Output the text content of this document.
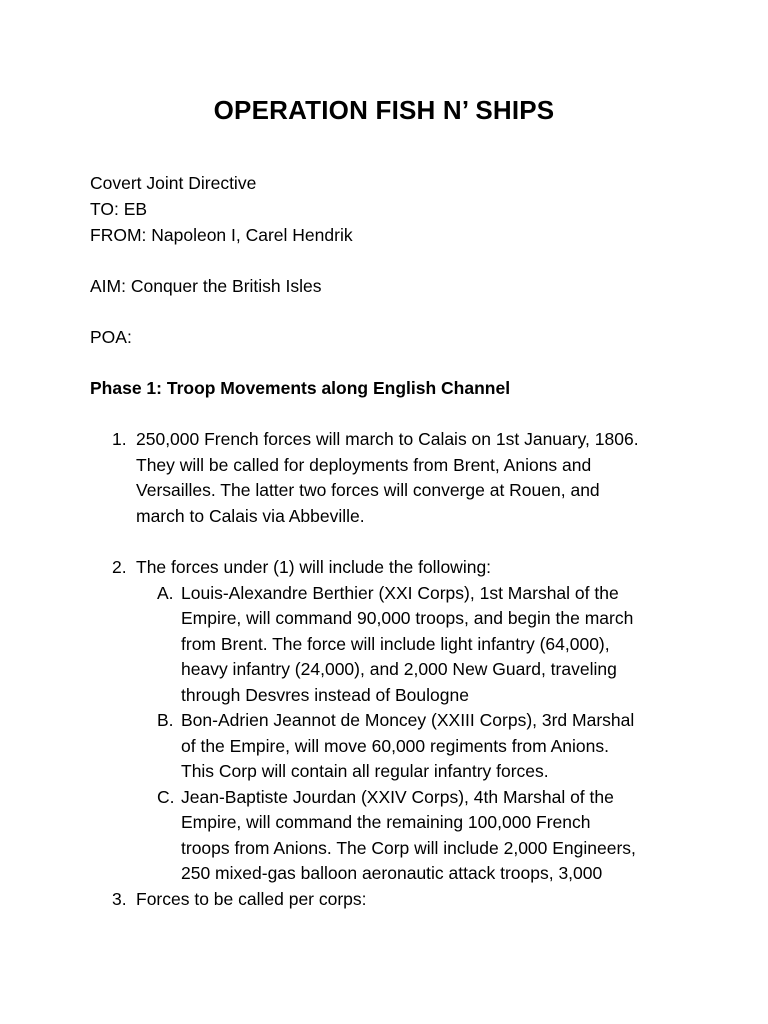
OPERATION FISH N’ SHIPS
Covert Joint Directive
TO: EB
FROM: Napoleon I, Carel Hendrik
AIM: Conquer the British Isles
POA:
Phase 1: Troop Movements along English Channel
1. 250,000 French forces will march to Calais on 1st January, 1806.
They will be called for deployments from Brent, Anions and
Versailles. The latter two forces will converge at Rouen, and
march to Calais via Abbeville.
2. The forces under (1) will include the following:
A. Louis-Alexandre Berthier (XXI Corps), 1st Marshal of the
Empire, will command 90,000 troops, and begin the march
from Brent. The force will include light infantry (64,000),
heavy infantry (24,000), and 2,000 New Guard, traveling
through Desvres instead of Boulogne
B. Bon-Adrien Jeannot de Moncey (XXIII Corps), 3rd Marshal
of the Empire, will move 60,000 regiments from Anions.
This Corp will contain all regular infantry forces.
C. Jean-Baptiste Jourdan (XXIV Corps), 4th Marshal of the
Empire, will command the remaining 100,000 French
troops from Anions. The Corp will include 2,000 Engineers,
250 mixed-gas balloon aeronautic attack troops, 3,000
3. Forces to be called per corps:
